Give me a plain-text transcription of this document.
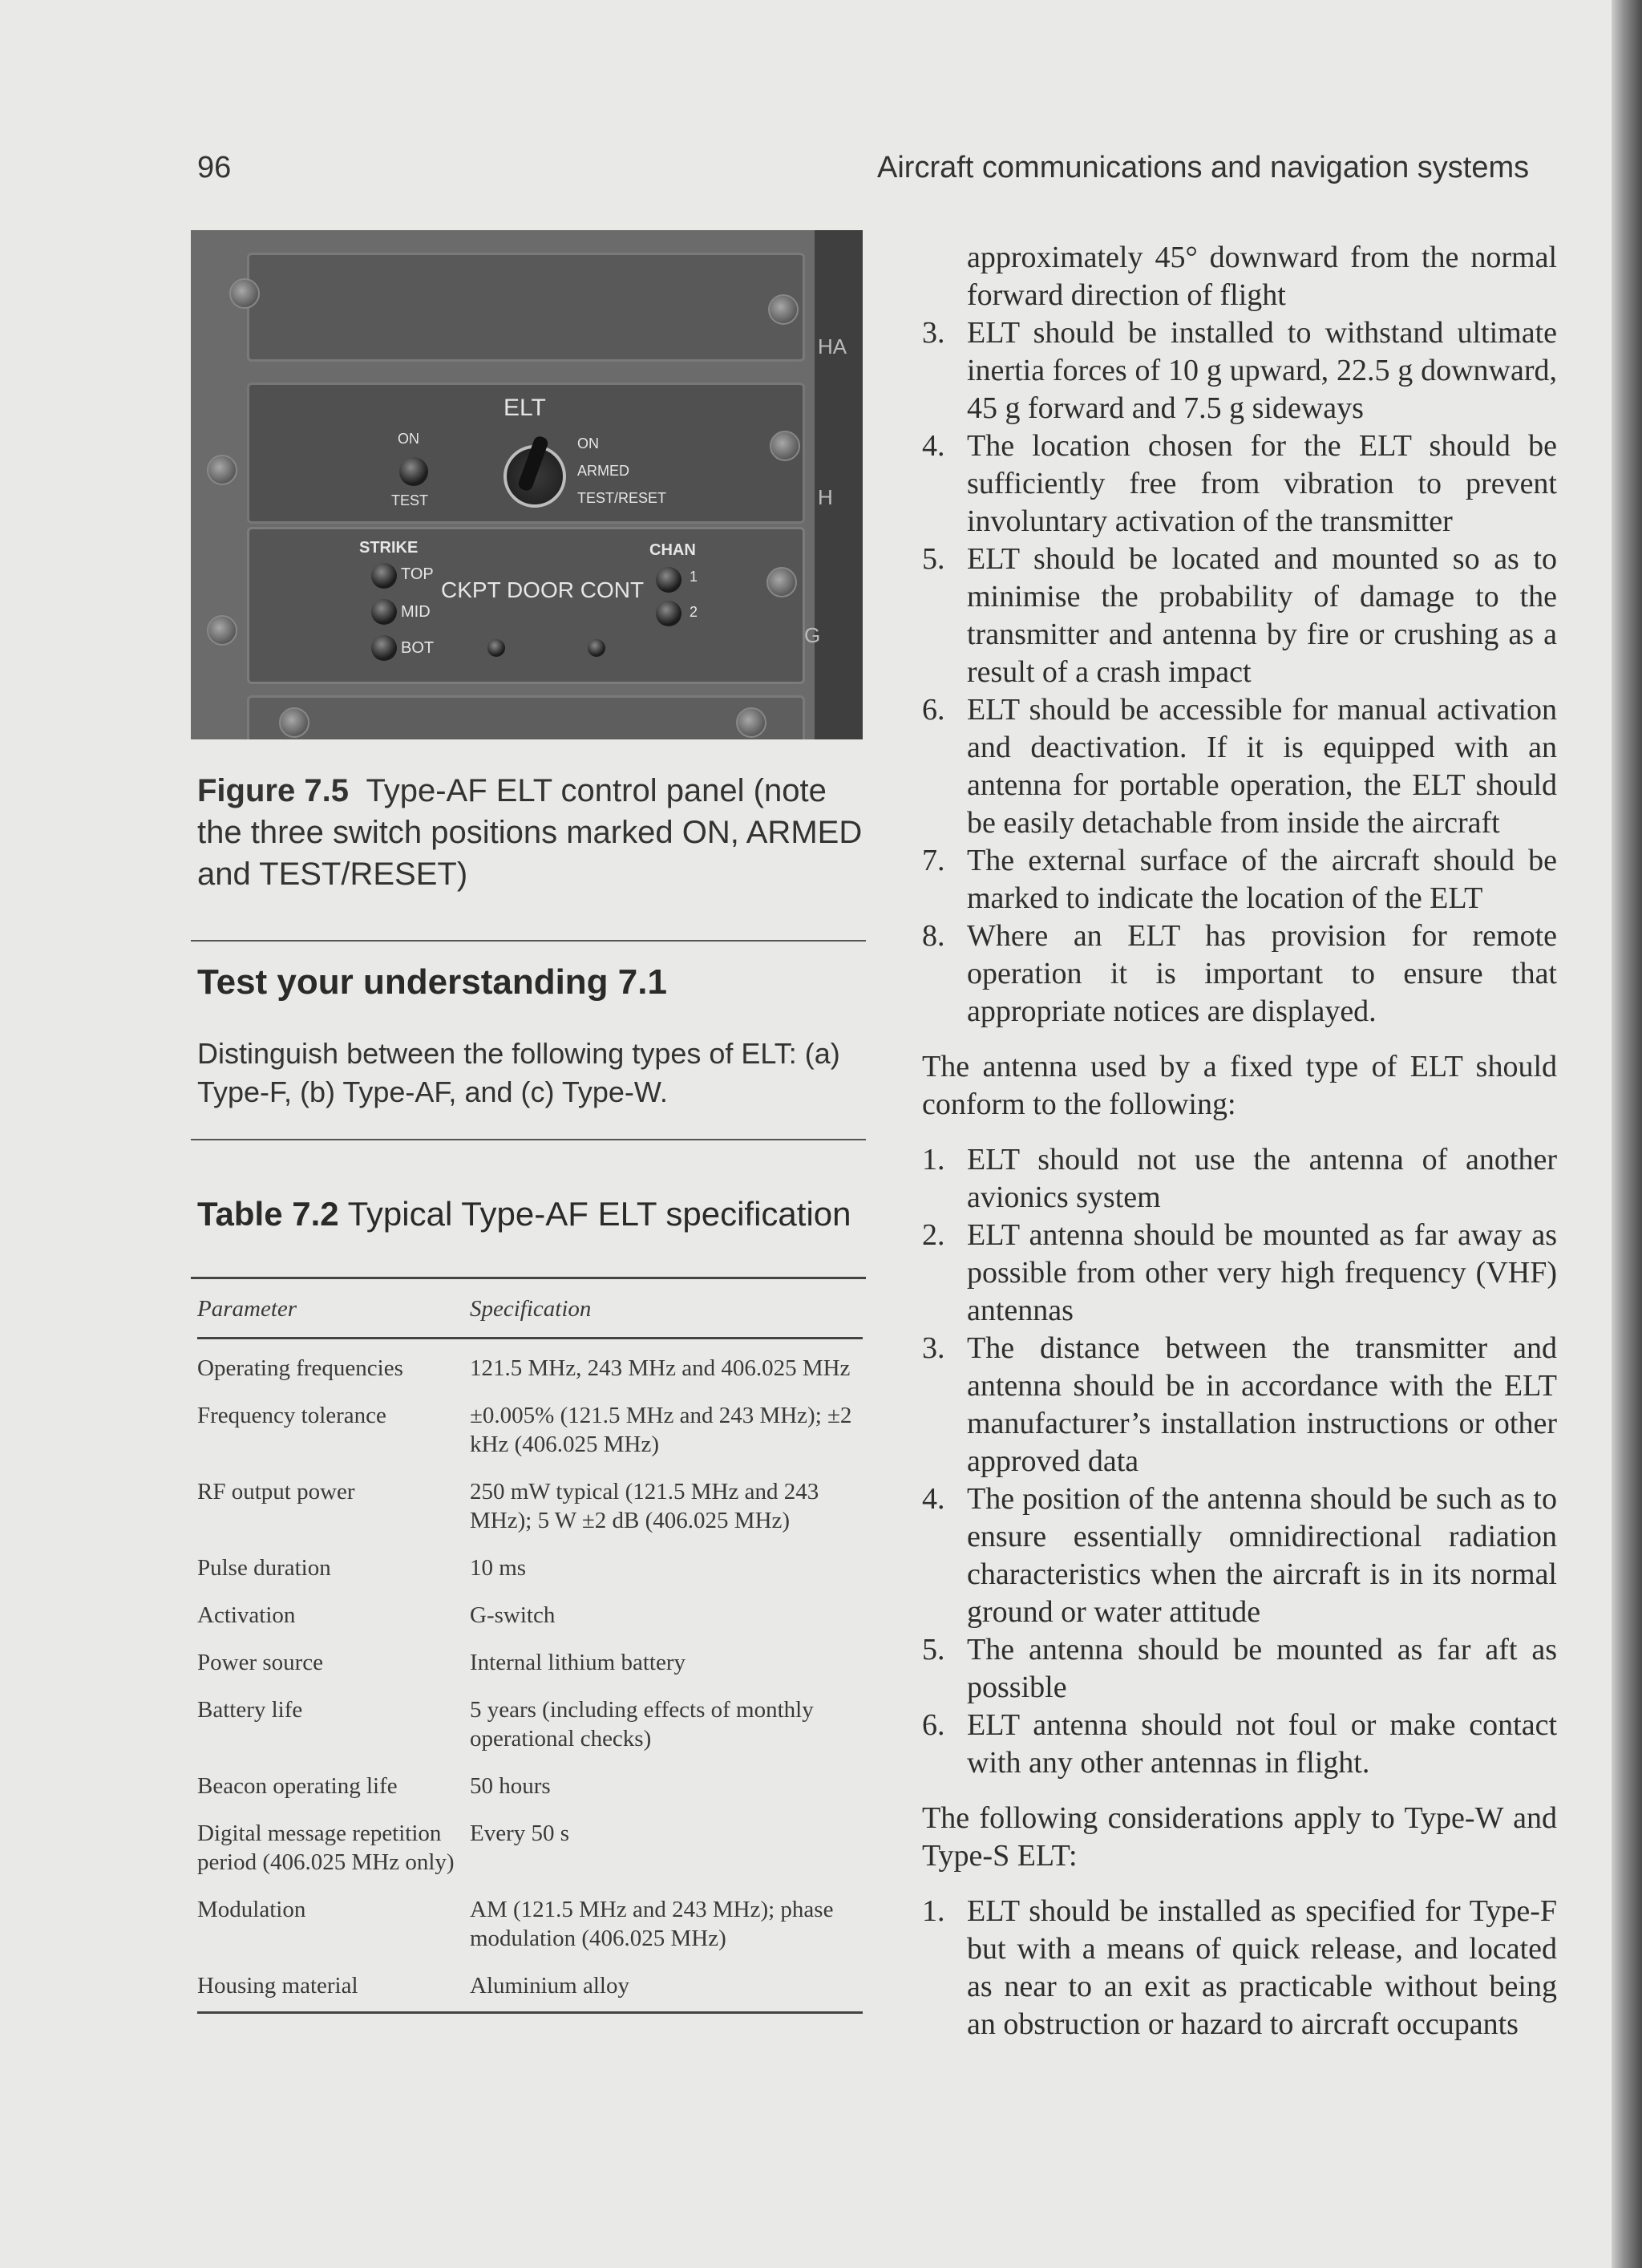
96	Aircraft communications and navigation systems
ELT
ON
TEST
ON
ARMED
TEST/RESET
STRIKE	CHAN
TOP
CKPT DOOR CONT
1
MID	2
BOT
HA
H
G
Figure 7.5 Type-AF ELT control panel (note the three switch positions marked ON, ARMED and TEST/RESET)
Test your understanding 7.1
Distinguish between the following types of ELT: (a) Type-F, (b) Type-AF, and (c) Type-W.
Table 7.2 Typical Type-AF ELT specification
Parameter	Specification
Operating frequencies	121.5 MHz, 243 MHz and 406.025 MHz
Frequency tolerance	±0.005% (121.5 MHz and 243 MHz); ±2 kHz (406.025 MHz)
RF output power	250 mW typical (121.5 MHz and 243 MHz); 5 W ±2 dB (406.025 MHz)
Pulse duration	10 ms
Activation	G-switch
Power source	Internal lithium battery
Battery life	5 years (including effects of monthly operational checks)
Beacon operating life	50 hours
Digital message repetition period (406.025 MHz only)	Every 50 s
Modulation	AM (121.5 MHz and 243 MHz); phase modulation (406.025 MHz)
Housing material	Aluminium alloy
approximately 45° downward from the normal forward direction of flight
3. ELT should be installed to withstand ultimate inertia forces of 10 g upward, 22.5 g downward, 45 g forward and 7.5 g sideways
4. The location chosen for the ELT should be sufficiently free from vibration to prevent involuntary activation of the transmitter
5. ELT should be located and mounted so as to minimise the probability of damage to the transmitter and antenna by fire or crushing as a result of a crash impact
6. ELT should be accessible for manual activation and deactivation. If it is equipped with an antenna for portable operation, the ELT should be easily detachable from inside the aircraft
7. The external surface of the aircraft should be marked to indicate the location of the ELT
8. Where an ELT has provision for remote operation it is important to ensure that appropriate notices are displayed.
The antenna used by a fixed type of ELT should conform to the following:
1. ELT should not use the antenna of another avionics system
2. ELT antenna should be mounted as far away as possible from other very high frequency (VHF) antennas
3. The distance between the transmitter and antenna should be in accordance with the ELT manufacturer’s installation instructions or other approved data
4. The position of the antenna should be such as to ensure essentially omnidirectional radiation characteristics when the aircraft is in its normal ground or water attitude
5. The antenna should be mounted as far aft as possible
6. ELT antenna should not foul or make contact with any other antennas in flight.
The following considerations apply to Type-W and Type-S ELT:
1. ELT should be installed as specified for Type-F but with a means of quick release, and located as near to an exit as practicable without being an obstruction or hazard to aircraft occupants
